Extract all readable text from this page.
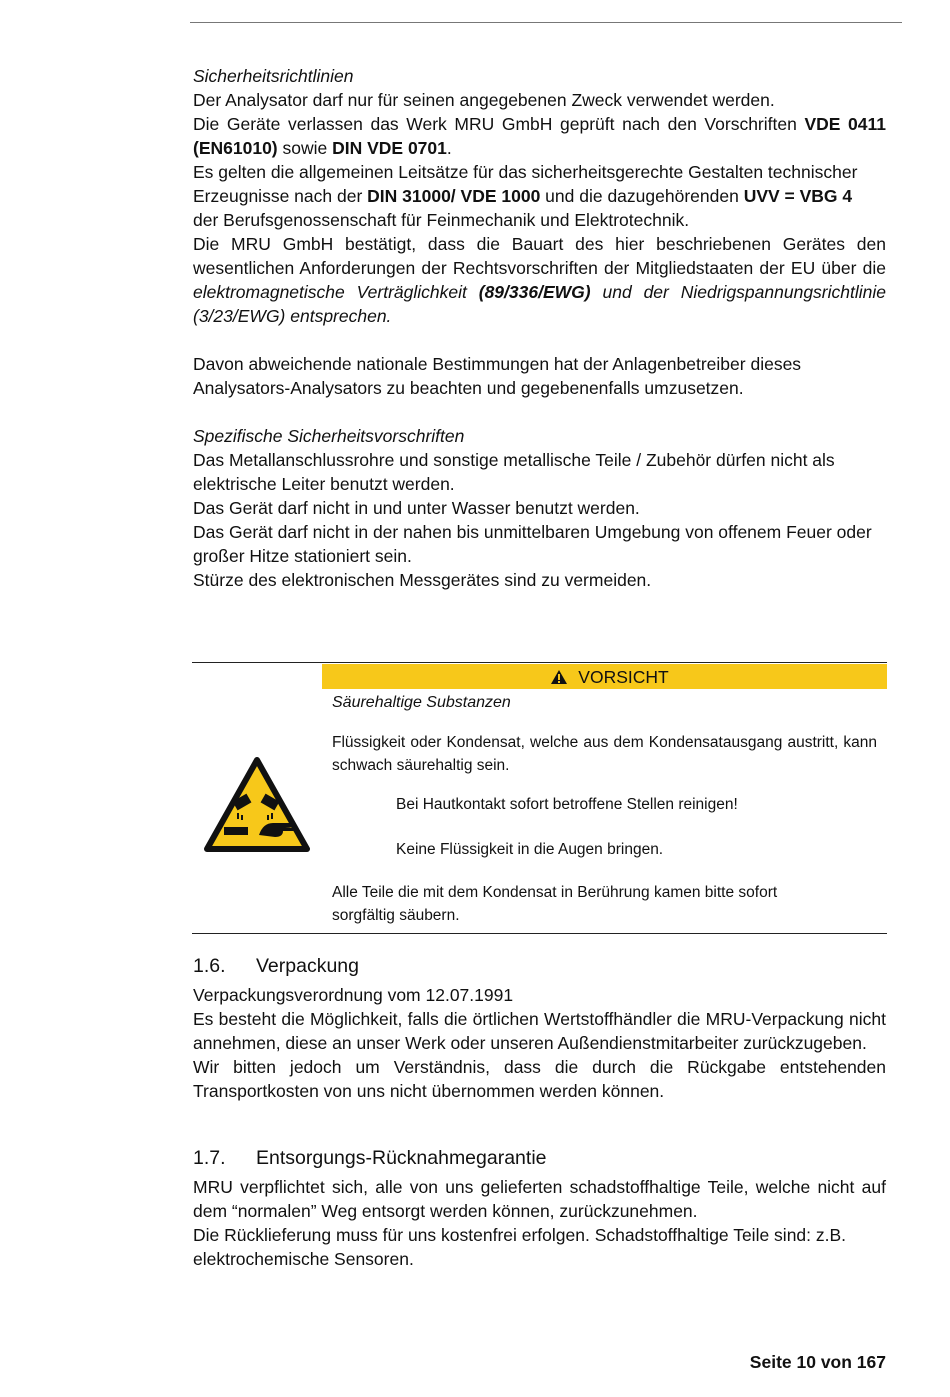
Sicherheitsrichtlinien

Der Analysator darf nur für seinen angegebenen Zweck verwendet werden.

Die Geräte verlassen das Werk MRU GmbH geprüft nach den Vorschriften VDE 0411 (EN61010) sowie DIN VDE 0701.

Es gelten die allgemeinen Leitsätze für das sicherheitsgerechte Gestalten technischer

Erzeugnisse nach der DIN 31000/ VDE 1000 und die dazugehörenden UVV = VBG 4

der Berufsgenossenschaft für Feinmechanik und Elektrotechnik.

Die MRU GmbH bestätigt, dass die Bauart des hier beschriebenen Gerätes den wesentlichen Anforderungen der Rechtsvorschriften der Mitgliedstaaten der EU über die elektromagnetische Verträglichkeit (89/336/EWG) und der Niedrigspannungsrichtlinie (3/23/EWG) entsprechen.

Davon abweichende nationale Bestimmungen hat der Anlagenbetreiber dieses Analysators-Analysators zu beachten und gegebenenfalls umzusetzen.

Spezifische Sicherheitsvorschriften

Das Metallanschlussrohre und sonstige metallische Teile / Zubehör dürfen nicht als elektrische Leiter benutzt werden.

Das Gerät darf nicht in und unter Wasser benutzt werden.

Das Gerät darf nicht in der nahen bis unmittelbaren Umgebung von offenem Feuer oder großer Hitze stationiert sein.

Stürze des elektronischen Messgerätes sind zu vermeiden.

VORSICHT
Säurehaltige Substanzen
Flüssigkeit oder Kondensat, welche aus dem Kondensatausgang austritt, kann schwach säurehaltig sein.
Bei Hautkontakt sofort betroffene Stellen reinigen!
Keine Flüssigkeit in die Augen bringen.
Alle Teile die mit dem Kondensat in Berührung kamen bitte sofort sorgfältig säubern.
1.6. Verpackung

Verpackungsverordnung vom 12.07.1991

Es besteht die Möglichkeit, falls die örtlichen Wertstoffhändler die MRU-Verpackung nicht annehmen, diese an unser Werk oder unseren Außendienstmitarbeiter zurückzugeben.

Wir bitten jedoch um Verständnis, dass die durch die Rückgabe entstehenden Transportkosten von uns nicht übernommen werden können.

1.7. Entsorgungs-Rücknahmegarantie

MRU verpflichtet sich, alle von uns gelieferten schadstoffhaltige Teile, welche nicht auf dem “normalen” Weg entsorgt werden können, zurückzunehmen.

Die Rücklieferung muss für uns kostenfrei erfolgen. Schadstoffhaltige Teile sind: z.B. elektrochemische Sensoren.

Seite 10 von 167
